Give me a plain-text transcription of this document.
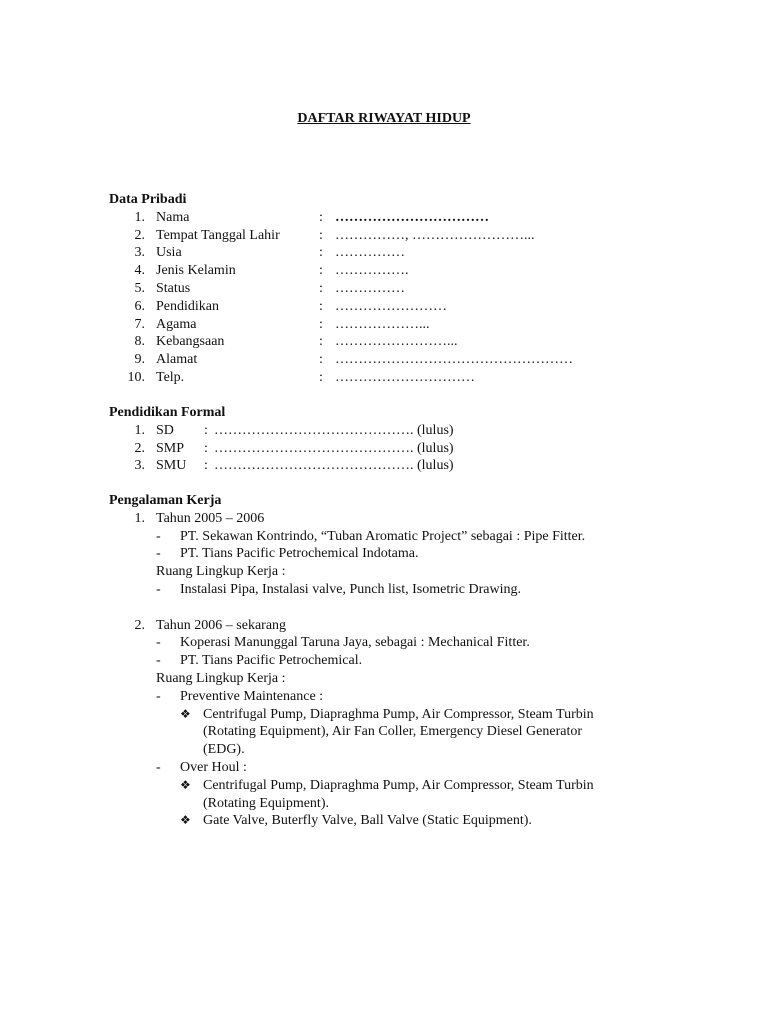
DAFTAR RIWAYAT HIDUP
Data Pribadi
1. Nama	: ……………………………
2. Tempat Tanggal Lahir	: ……………, ……………………...
3. Usia	: ……………
4. Jenis Kelamin	: …………….
5. Status	: ……………
6. Pendidikan	: ……………………
7. Agama	: ………………...
8. Kebangsaan	: ……………………...
9. Alamat	: ……………………………………………
10. Telp.	: …………………………
Pendidikan Formal
1. SD : ……………………………………. (lulus)
2. SMP : ……………………………………. (lulus)
3. SMU : ……………………………………. (lulus)
Pengalaman Kerja
1. Tahun 2005 – 2006
- PT. Sekawan Kontrindo, “Tuban Aromatic Project” sebagai : Pipe Fitter.
- PT. Tians Pacific Petrochemical Indotama.
Ruang Lingkup Kerja :
- Instalasi Pipa, Instalasi valve, Punch list, Isometric Drawing.
2. Tahun 2006 – sekarang
- Koperasi Manunggal Taruna Jaya, sebagai : Mechanical Fitter.
- PT. Tians Pacific Petrochemical.
Ruang Lingkup Kerja :
- Preventive Maintenance :
❖ Centrifugal Pump, Diapraghma Pump, Air Compressor, Steam Turbin
(Rotating Equipment), Air Fan Coller, Emergency Diesel Generator
(EDG).
- Over Houl :
❖ Centrifugal Pump, Diapraghma Pump, Air Compressor, Steam Turbin
(Rotating Equipment).
❖ Gate Valve, Buterfly Valve, Ball Valve (Static Equipment).
